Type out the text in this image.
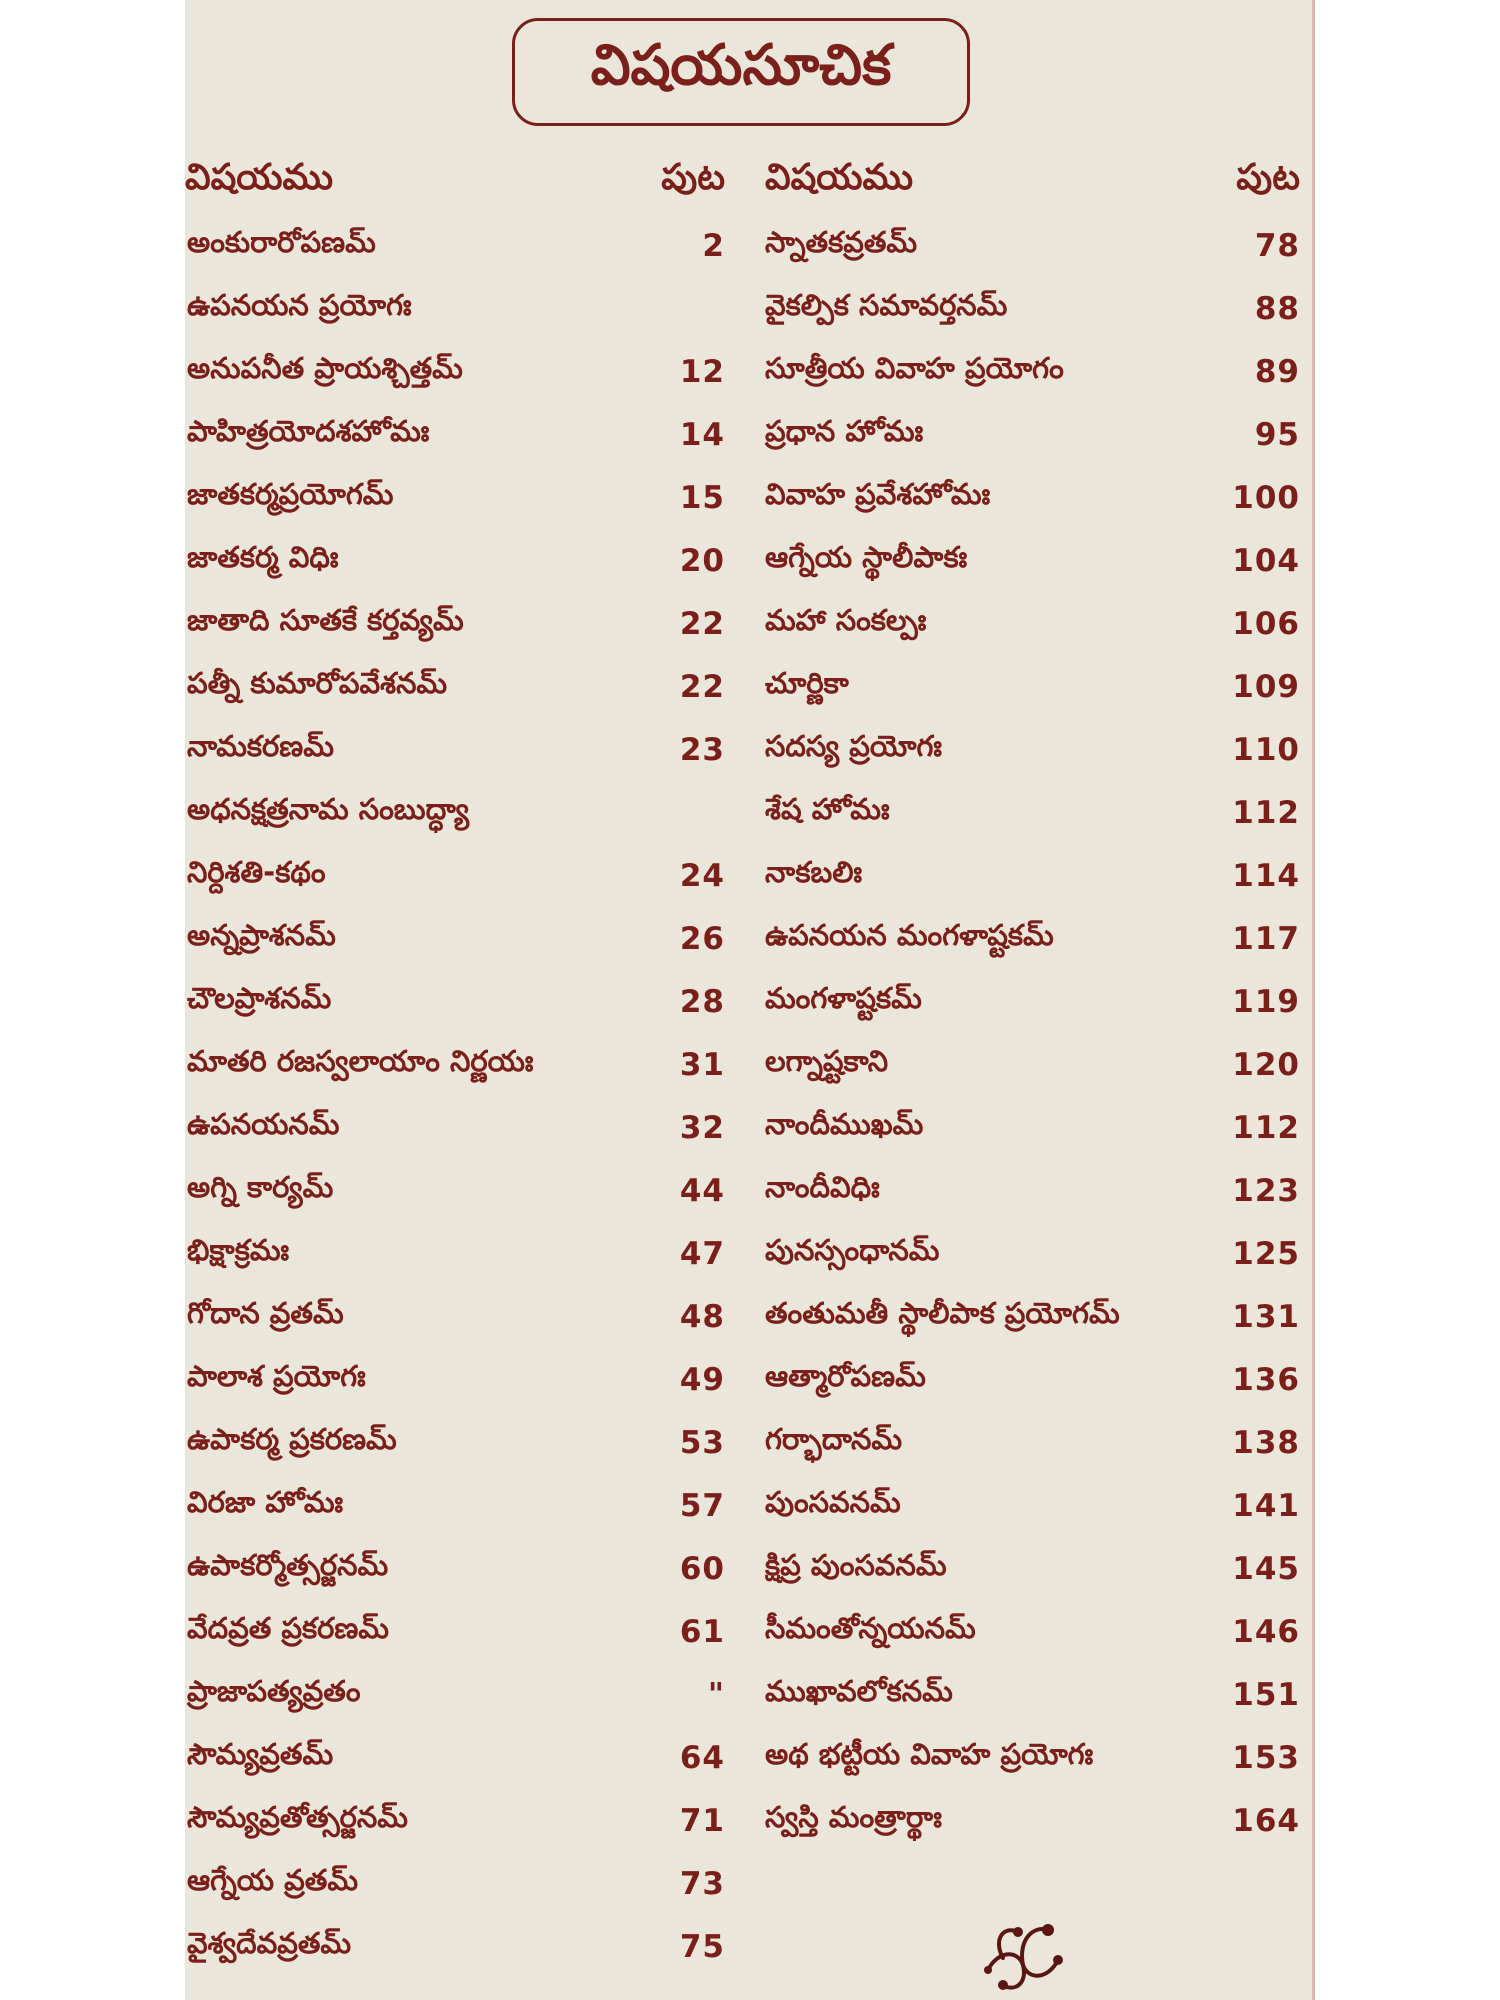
విషయసూచిక
విషయము	పుట
అంకురారోపణమ్	2
ఉపనయన ప్రయోగః
అనుపనీత ప్రాయశ్చిత్తమ్	12
పాహిత్రయోదశహోమః	14
జాతకర్మప్రయోగమ్	15
జాతకర్మ విధిః	20
జాతాది సూతకే కర్తవ్యమ్	22
పత్నీ కుమారోపవేశనమ్	22
నామకరణమ్	23
అధనక్షత్రనామ సంబుద్ధ్యా
నిర్దిశతి-కథం	24
అన్నప్రాశనమ్	26
చౌలప్రాశనమ్	28
మాతరి రజస్వలాయాం నిర్ణయః	31
ఉపనయనమ్	32
అగ్ని కార్యమ్	44
భిక్షాక్రమః	47
గోదాన వ్రతమ్	48
పాలాశ ప్రయోగః	49
ఉపాకర్మ ప్రకరణమ్	53
విరజా హోమః	57
ఉపాకర్మోత్సర్జనమ్	60
వేదవ్రత ప్రకరణమ్	61
ప్రాజాపత్యవ్రతం	"
సౌమ్యవ్రతమ్	64
సౌమ్యవ్రతోత్సర్జనమ్	71
ఆగ్నేయ వ్రతమ్	73
వైశ్వదేవవ్రతమ్	75
విషయము	పుట
స్నాతకవ్రతమ్	78
వైకల్పిక సమావర్తనమ్	88
సూత్రీయ వివాహ ప్రయోగం	89
ప్రధాన హోమః	95
వివాహ ప్రవేశహోమః	100
ఆగ్నేయ స్థాలీపాకః	104
మహా సంకల్పః	106
చూర్ణికా	109
సదస్య ప్రయోగః	110
శేష హోమః	112
నాకబలిః	114
ఉపనయన మంగళాష్టకమ్	117
మంగళాష్టకమ్	119
లగ్నాష్టకాని	120
నాందీముఖమ్	112
నాందీవిధిః	123
పునస్సంధానమ్	125
తంతుమతీ స్థాలీపాక ప్రయోగమ్	131
ఆత్మారోపణమ్	136
గర్భాదానమ్	138
పుంసవనమ్	141
క్షిప్ర పుంసవనమ్	145
సీమంతోన్నయనమ్	146
ముఖావలోకనమ్	151
అథ భట్టీయ వివాహ ప్రయోగః	153
స్వస్తి మంత్రార్థాః	164
